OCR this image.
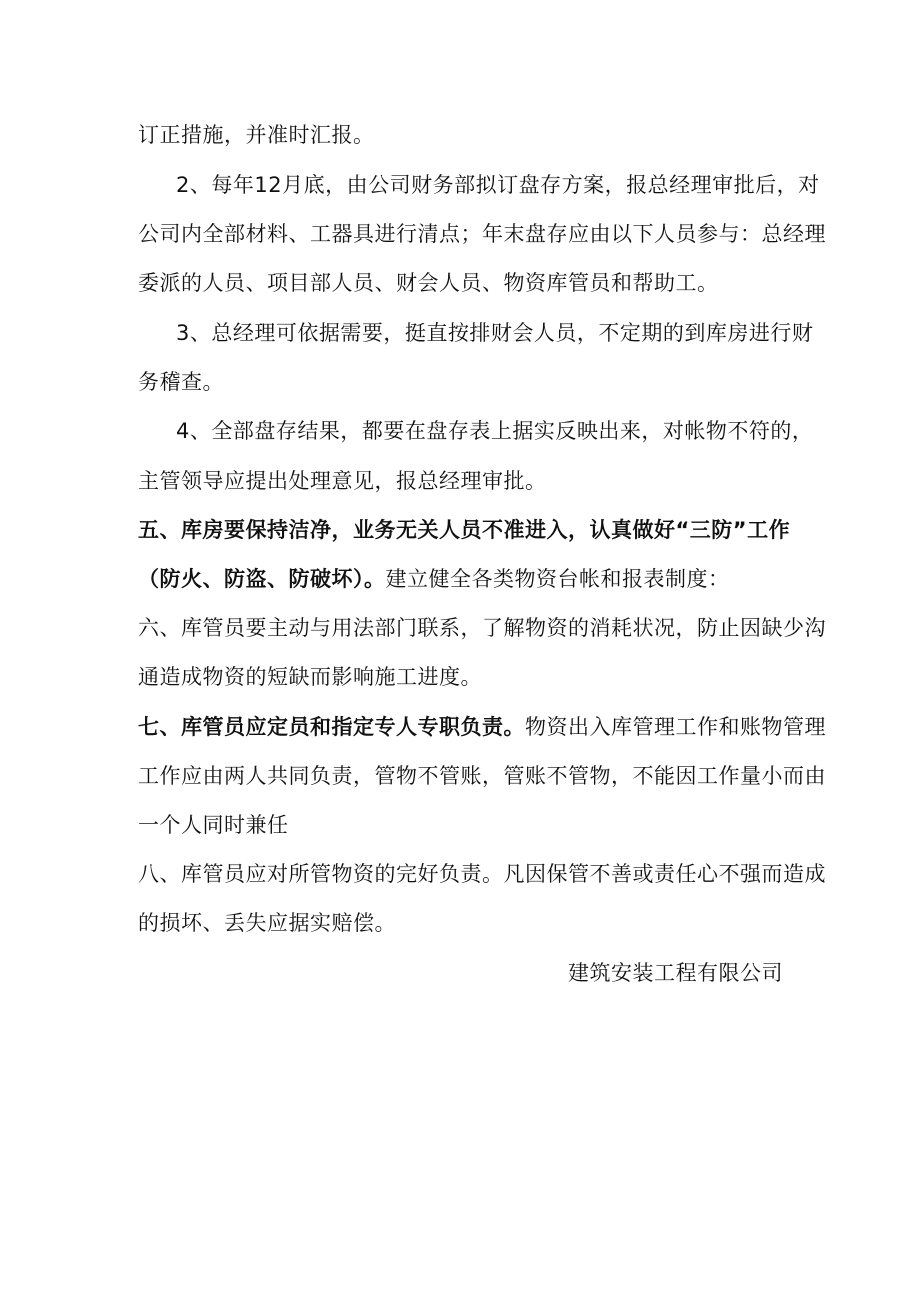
订正措施，并准时汇报。
2、每年12月底，由公司财务部拟订盘存方案，报总经理审批后，对
公司内全部材料、工器具进行清点；年末盘存应由以下人员参与：总经理
委派的人员、项目部人员、财会人员、物资库管员和帮助工。
3、总经理可依据需要，挺直按排财会人员，不定期的到库房进行财
务稽查。
4、全部盘存结果，都要在盘存表上据实反映出来，对帐物不符的，
主管领导应提出处理意见，报总经理审批。
五、库房要保持洁净，业务无关人员不准进入，认真做好“三防”工作
（防火、防盗、防破坏）。建立健全各类物资台帐和报表制度：
六、库管员要主动与用法部门联系，了解物资的消耗状况，防止因缺少沟
通造成物资的短缺而影响施工进度。
七、库管员应定员和指定专人专职负责。物资出入库管理工作和账物管理
工作应由两人共同负责，管物不管账，管账不管物，不能因工作量小而由
一个人同时兼任
八、库管员应对所管物资的完好负责。凡因保管不善或责任心不强而造成
的损坏、丢失应据实赔偿。
建筑安装工程有限公司
